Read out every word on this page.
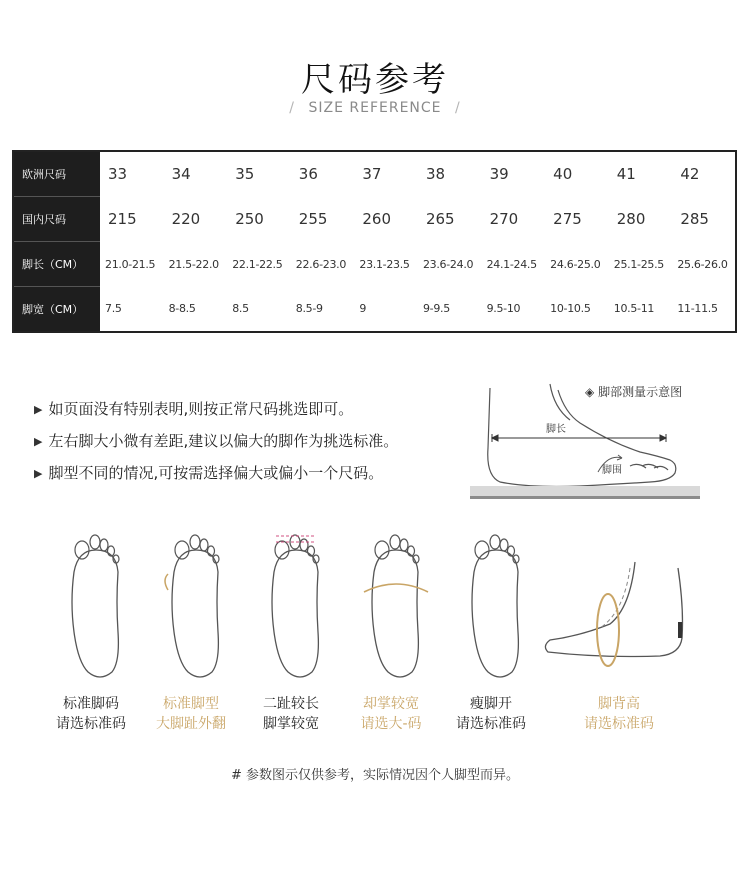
尺码参考
/ SIZE REFERENCE /
欧洲尺码	33	34	35	36	37	38	39	40	41	42
国内尺码	215	220	250	255	260	265	270	275	280	285
脚长（CM）	21.0-21.5	21.5-22.0	22.1-22.5	22.6-23.0	23.1-23.5	23.6-24.0	24.1-24.5	24.6-25.0	25.1-25.5	25.6-26.0
脚宽（CM）	7.5	8-8.5	8.5	8.5-9	9	9-9.5	9.5-10	10-10.5	10.5-11	11-11.5
▶ 如页面没有特别表明,则按正常尺码挑选即可。
▶ 左右脚大小微有差距,建议以偏大的脚作为挑选标准。
▶ 脚型不同的情况,可按需选择偏大或偏小一个尺码。
◈ 脚部测量示意图
脚长
脚围
标准脚码
请选标准码
标准脚型
大脚趾外翻
二趾较长
脚掌较宽
却掌较宽
请选大-码
瘦脚开
请选标准码
脚背高
请选标准码
# 参数图示仅供参考，实际情况因个人脚型而异。
